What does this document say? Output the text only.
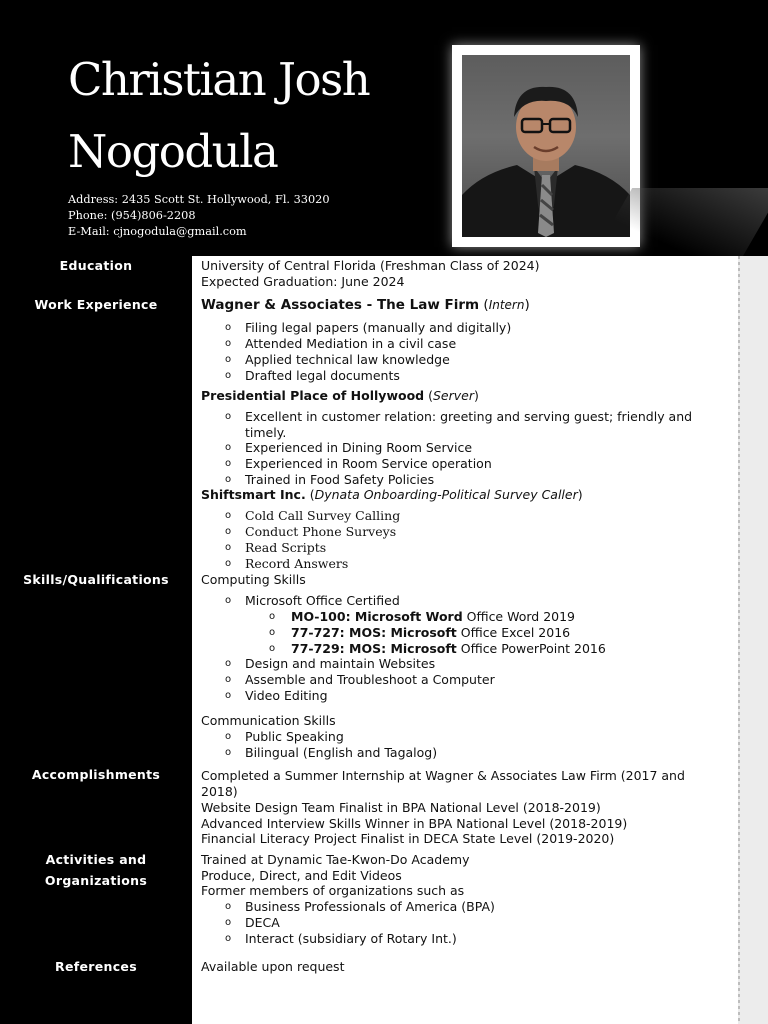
Christian Josh
Nogodula
Address: 2435 Scott St. Hollywood, Fl. 33020
Phone: (954)806-2208
E-Mail: cjnogodula@gmail.com
Education
Work Experience
Skills/Qualifications
Accomplishments
Activities and
Organizations
References
University of Central Florida (Freshman Class of 2024)
Expected Graduation: June 2024
Wagner & Associates - The Law Firm (Intern)
o Filing legal papers (manually and digitally)
o Attended Mediation in a civil case
o Applied technical law knowledge
o Drafted legal documents
Presidential Place of Hollywood (Server)
o Excellent in customer relation: greeting and serving guest; friendly and timely.
o Experienced in Dining Room Service
o Experienced in Room Service operation
o Trained in Food Safety Policies
Shiftsmart Inc. (Dynata Onboarding-Political Survey Caller)
o Cold Call Survey Calling
o Conduct Phone Surveys
o Read Scripts
o Record Answers
Computing Skills
o Microsoft Office Certified
o MO-100: Microsoft Word Office Word 2019
o 77-727: MOS: Microsoft Office Excel 2016
o 77-729: MOS: Microsoft Office PowerPoint 2016
o Design and maintain Websites
o Assemble and Troubleshoot a Computer
o Video Editing
Communication Skills
o Public Speaking
o Bilingual (English and Tagalog)
Completed a Summer Internship at Wagner & Associates Law Firm (2017 and 2018)
Website Design Team Finalist in BPA National Level (2018-2019)
Advanced Interview Skills Winner in BPA National Level (2018-2019)
Financial Literacy Project Finalist in DECA State Level (2019-2020)
Trained at Dynamic Tae-Kwon-Do Academy
Produce, Direct, and Edit Videos
Former members of organizations such as
o Business Professionals of America (BPA)
o DECA
o Interact (subsidiary of Rotary Int.)
Available upon request
